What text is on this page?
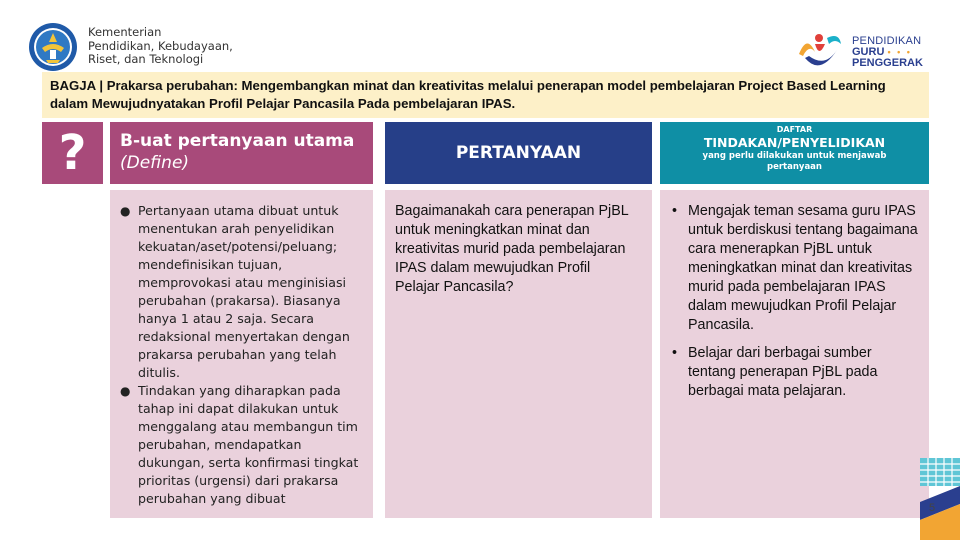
Kementerian
Pendidikan, Kebudayaan,
Riset, dan Teknologi
PENDIDIKAN
GURU • • •
PENGGERAK
BAGJA | Prakarsa perubahan: Mengembangkan minat dan kreativitas melalui penerapan model pembelajaran Project Based Learning dalam Mewujudnyatakan Profil Pelajar Pancasila Pada pembelajaran IPAS.
?	B-uat pertanyaan utama
(Define)	PERTANYAAN
DAFTAR
TINDAKAN/PENYELIDIKAN
yang perlu dilakukan untuk menjawab pertanyaan
● Pertanyaan utama dibuat untuk menentukan arah penyelidikan kekuatan/aset/potensi/peluang; mendefinisikan tujuan, memprovokasi atau menginisiasi perubahan (prakarsa). Biasanya hanya 1 atau 2 saja. Secara redaksional menyertakan dengan prakarsa perubahan yang telah ditulis.
● Tindakan yang diharapkan pada tahap ini dapat dilakukan untuk menggalang atau membangun tim perubahan, mendapatkan dukungan, serta konfirmasi tingkat prioritas (urgensi) dari prakarsa perubahan yang dibuat

Bagaimanakah cara penerapan PjBL untuk meningkatkan minat dan kreativitas murid pada pembelajaran IPAS dalam mewujudkan Profil Pelajar Pancasila?

• Mengajak teman sesama guru IPAS untuk berdiskusi tentang bagaimana cara menerapkan PjBL untuk meningkatkan minat dan kreativitas murid pada pembelajaran IPAS dalam mewujudkan Profil Pelajar Pancasila.
• Belajar dari berbagai sumber tentang penerapan PjBL pada berbagai mata pelajaran.
5
